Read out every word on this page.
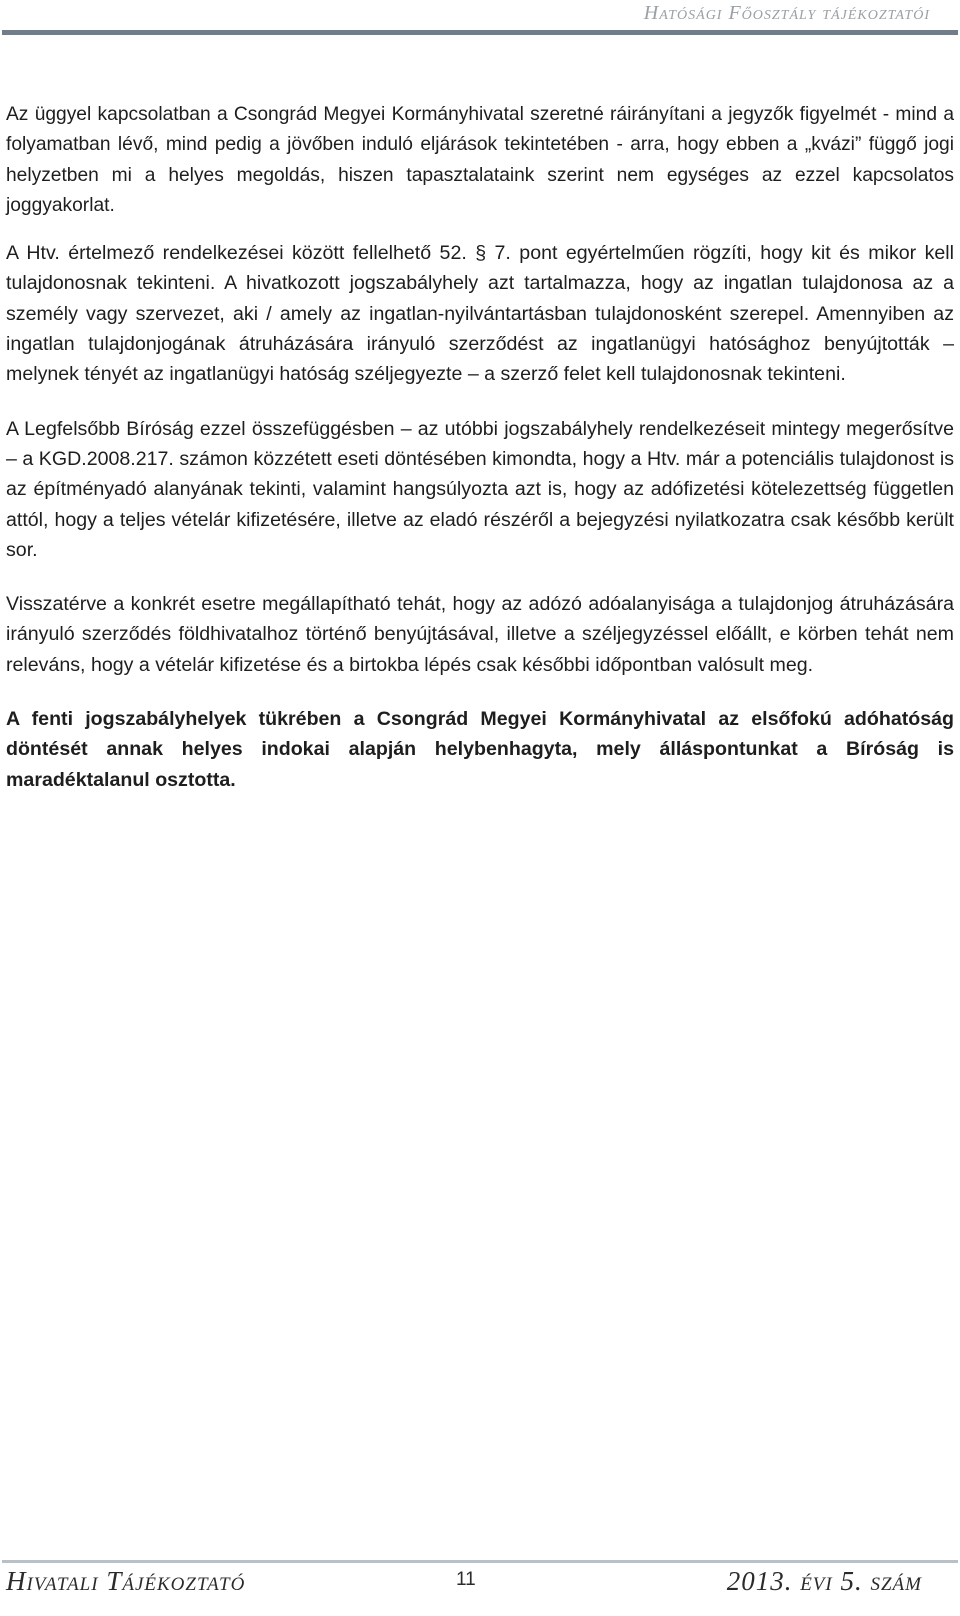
Hatósági Főosztály tájékoztatói

Az üggyel kapcsolatban a Csongrád Megyei Kormányhivatal szeretné ráirányítani a jegyzők figyelmét - mind a folyamatban lévő, mind pedig a jövőben induló eljárások tekintetében - arra, hogy ebben a „kvázi” függő jogi helyzetben mi a helyes megoldás, hiszen tapasztalataink szerint nem egységes az ezzel kapcsolatos joggyakorlat.

A Htv. értelmező rendelkezései között fellelhető 52. § 7. pont egyértelműen rögzíti, hogy kit és mikor kell tulajdonosnak tekinteni. A hivatkozott jogszabályhely azt tartalmazza, hogy az ingatlan tulajdonosa az a személy vagy szervezet, aki / amely az ingatlan-nyilvántartásban tulajdonosként szerepel. Amennyiben az ingatlan tulajdonjogának átruházására irányuló szerződést az ingatlanügyi hatósághoz benyújtották – melynek tényét az ingatlanügyi hatóság széljegyezte – a szerző felet kell tulajdonosnak tekinteni.

A Legfelsőbb Bíróság ezzel összefüggésben – az utóbbi jogszabályhely rendelkezéseit mintegy megerősítve – a KGD.2008.217. számon közzétett eseti döntésében kimondta, hogy a Htv. már a potenciális tulajdonost is az építményadó alanyának tekinti, valamint hangsúlyozta azt is, hogy az adófizetési kötelezettség független attól, hogy a teljes vételár kifizetésére, illetve az eladó részéről a bejegyzési nyilatkozatra csak később került sor.

Visszatérve a konkrét esetre megállapítható tehát, hogy az adózó adóalanyisága a tulajdonjog átruházására irányuló szerződés földhivatalhoz történő benyújtásával, illetve a széljegyzéssel előállt, e körben tehát nem releváns, hogy a vételár kifizetése és a birtokba lépés csak későbbi időpontban valósult meg.

A fenti jogszabályhelyek tükrében a Csongrád Megyei Kormányhivatal az elsőfokú adóhatóság döntését annak helyes indokai alapján helybenhagyta, mely álláspontunkat a Bíróság is maradéktalanul osztotta.

Hivatali Tájékoztató	11	2013. évi 5. szám
